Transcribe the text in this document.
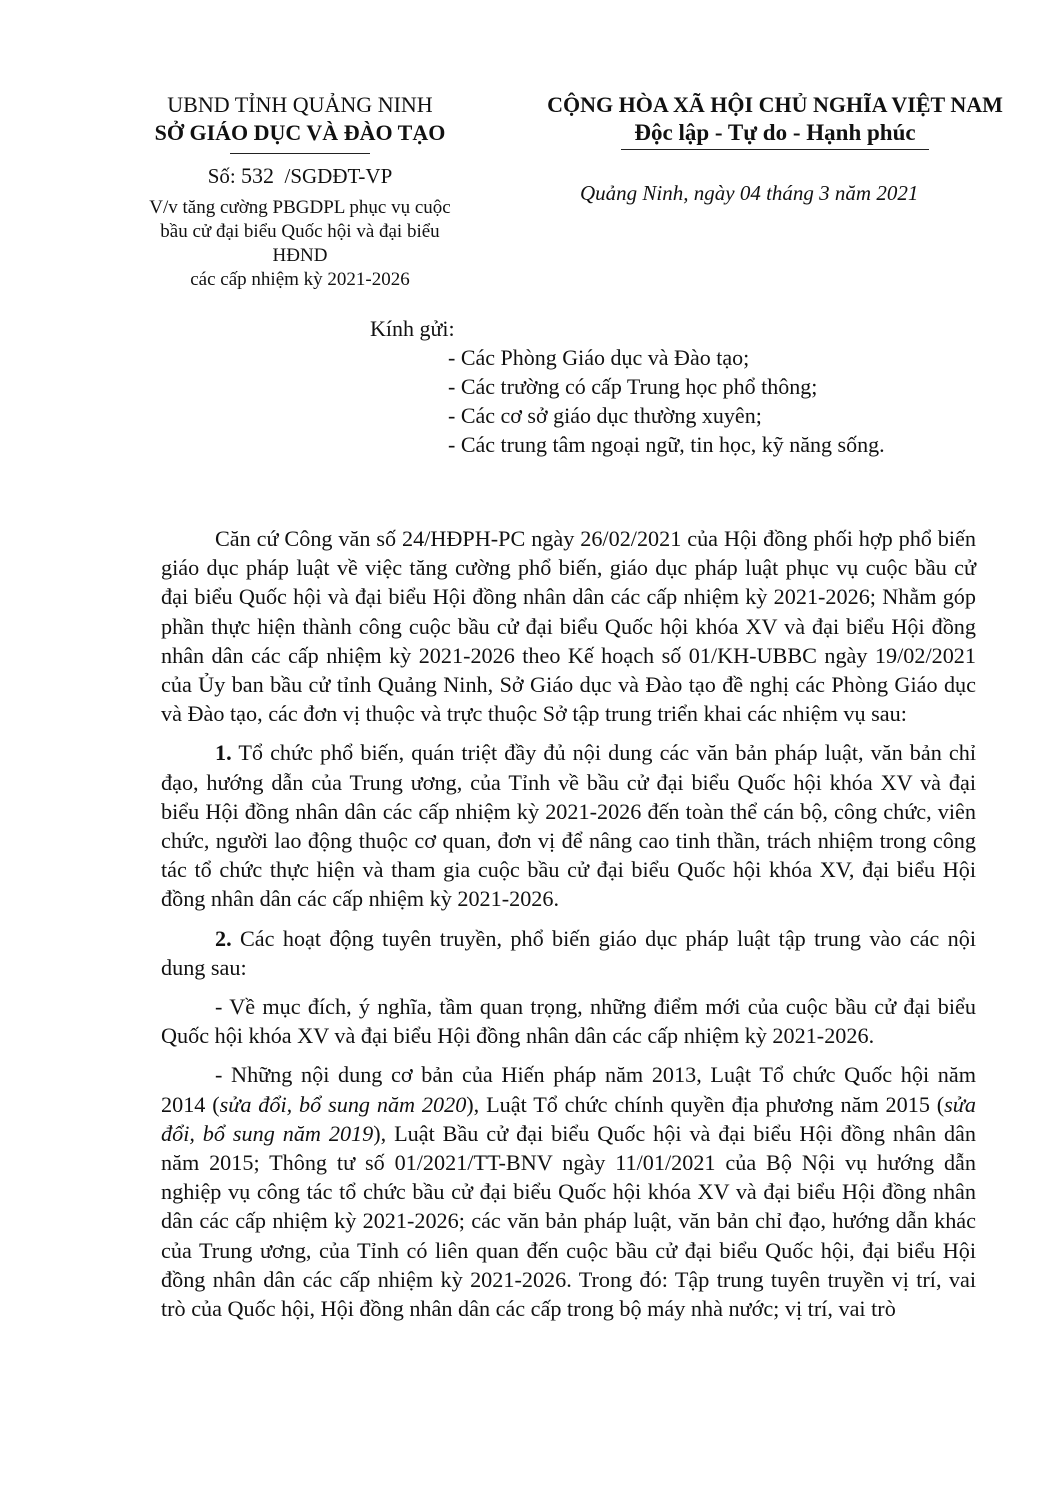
UBND TỈNH QUẢNG NINH
SỞ GIÁO DỤC VÀ ĐÀO TẠO
Số: 532  /SGDĐT-VP
V/v tăng cường PBGDPL phục vụ cuộc
bầu cử đại biểu Quốc hội và đại biểu HĐND
các cấp nhiệm kỳ 2021-2026
CỘNG HÒA XÃ HỘI CHỦ NGHĨA VIỆT NAM
Độc lập - Tự do - Hạnh phúc
Quảng Ninh, ngày 04 tháng 3 năm 2021
Kính gửi:
- Các Phòng Giáo dục và Đào tạo;
- Các trường có cấp Trung học phổ thông;
- Các cơ sở giáo dục thường xuyên;
- Các trung tâm ngoại ngữ, tin học, kỹ năng sống.

Căn cứ Công văn số 24/HĐPH-PC ngày 26/02/2021 của Hội đồng phối hợp phổ biến giáo dục pháp luật về việc tăng cường phổ biến, giáo dục pháp luật phục vụ cuộc bầu cử đại biểu Quốc hội và đại biểu Hội đồng nhân dân các cấp nhiệm kỳ 2021-2026; Nhằm góp phần thực hiện thành công cuộc bầu cử đại biểu Quốc hội khóa XV và đại biểu Hội đồng nhân dân các cấp nhiệm kỳ 2021-2026 theo Kế hoạch số 01/KH-UBBC ngày 19/02/2021 của Ủy ban bầu cử tỉnh Quảng Ninh, Sở Giáo dục và Đào tạo đề nghị các Phòng Giáo dục và Đào tạo, các đơn vị thuộc và trực thuộc Sở tập trung triển khai các nhiệm vụ sau:

1. Tổ chức phổ biến, quán triệt đầy đủ nội dung các văn bản pháp luật, văn bản chỉ đạo, hướng dẫn của Trung ương, của Tỉnh về bầu cử đại biểu Quốc hội khóa XV và đại biểu Hội đồng nhân dân các cấp nhiệm kỳ 2021-2026 đến toàn thể cán bộ, công chức, viên chức, người lao động thuộc cơ quan, đơn vị để nâng cao tinh thần, trách nhiệm trong công tác tổ chức thực hiện và tham gia cuộc bầu cử đại biểu Quốc hội khóa XV, đại biểu Hội đồng nhân dân các cấp nhiệm kỳ 2021-2026.

2. Các hoạt động tuyên truyền, phổ biến giáo dục pháp luật tập trung vào các nội dung sau:

- Về mục đích, ý nghĩa, tầm quan trọng, những điểm mới của cuộc bầu cử đại biểu Quốc hội khóa XV và đại biểu Hội đồng nhân dân các cấp nhiệm kỳ 2021-2026.

- Những nội dung cơ bản của Hiến pháp năm 2013, Luật Tổ chức Quốc hội năm 2014 (sửa đổi, bổ sung năm 2020), Luật Tổ chức chính quyền địa phương năm 2015 (sửa đổi, bổ sung năm 2019), Luật Bầu cử đại biểu Quốc hội và đại biểu Hội đồng nhân dân năm 2015; Thông tư số 01/2021/TT-BNV ngày 11/01/2021 của Bộ Nội vụ hướng dẫn nghiệp vụ công tác tổ chức bầu cử đại biểu Quốc hội khóa XV và đại biểu Hội đồng nhân dân các cấp nhiệm kỳ 2021-2026; các văn bản pháp luật, văn bản chỉ đạo, hướng dẫn khác của Trung ương, của Tỉnh có liên quan đến cuộc bầu cử đại biểu Quốc hội, đại biểu Hội đồng nhân dân các cấp nhiệm kỳ 2021-2026. Trong đó: Tập trung tuyên truyền vị trí, vai trò của Quốc hội, Hội đồng nhân dân các cấp trong bộ máy nhà nước; vị trí, vai trò
